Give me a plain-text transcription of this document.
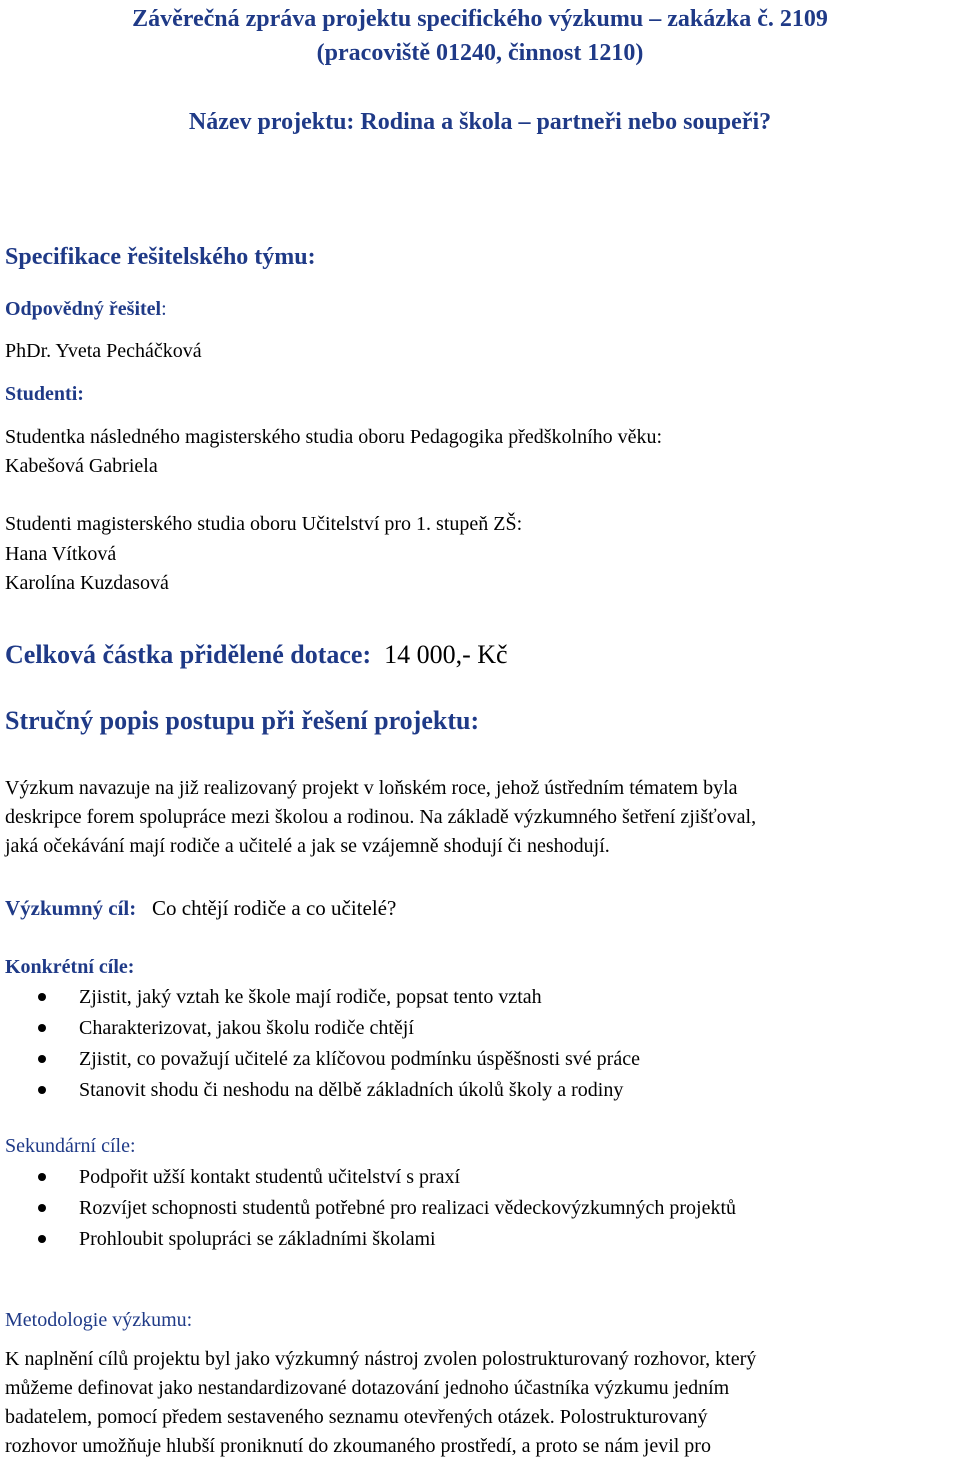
Závěrečná zpráva projektu specifického výzkumu – zakázka č. 2109
(pracoviště 01240, činnost 1210)
Název projektu: Rodina a škola – partneři nebo soupeři?
Specifikace řešitelského týmu:
Odpovědný řešitel:
PhDr. Yveta Pecháčková
Studenti:
Studentka následného magisterského studia oboru Pedagogika předškolního věku:
Kabešová Gabriela
Studenti magisterského studia oboru Učitelství pro 1. stupeň ZŠ:
Hana Vítková
Karolína Kuzdasová
Celková částka přidělené dotace: 14 000,- Kč
Stručný popis postupu při řešení projektu:
Výzkum navazuje na již realizovaný projekt v loňském roce, jehož ústředním tématem byla
deskripce forem spolupráce mezi školou a rodinou. Na základě výzkumného šetření zjišťoval,
jaká očekávání mají rodiče a učitelé a jak se vzájemně shodují či neshodují.
Výzkumný cíl: Co chtějí rodiče a co učitelé?
Konkrétní cíle:
Zjistit, jaký vztah ke škole mají rodiče, popsat tento vztah
Charakterizovat, jakou školu rodiče chtějí
Zjistit, co považují učitelé za klíčovou podmínku úspěšnosti své práce
Stanovit shodu či neshodu na dělbě základních úkolů školy a rodiny
Sekundární cíle:
Podpořit užší kontakt studentů učitelství s praxí
Rozvíjet schopnosti studentů potřebné pro realizaci vědeckovýzkumných projektů
Prohloubit spolupráci se základními školami
Metodologie výzkumu:
K naplnění cílů projektu byl jako výzkumný nástroj zvolen polostrukturovaný rozhovor, který
můžeme definovat jako nestandardizované dotazování jednoho účastníka výzkumu jedním
badatelem, pomocí předem sestaveného seznamu otevřených otázek. Polostrukturovaný
rozhovor umožňuje hlubší proniknutí do zkoumaného prostředí, a proto se nám jevil pro
